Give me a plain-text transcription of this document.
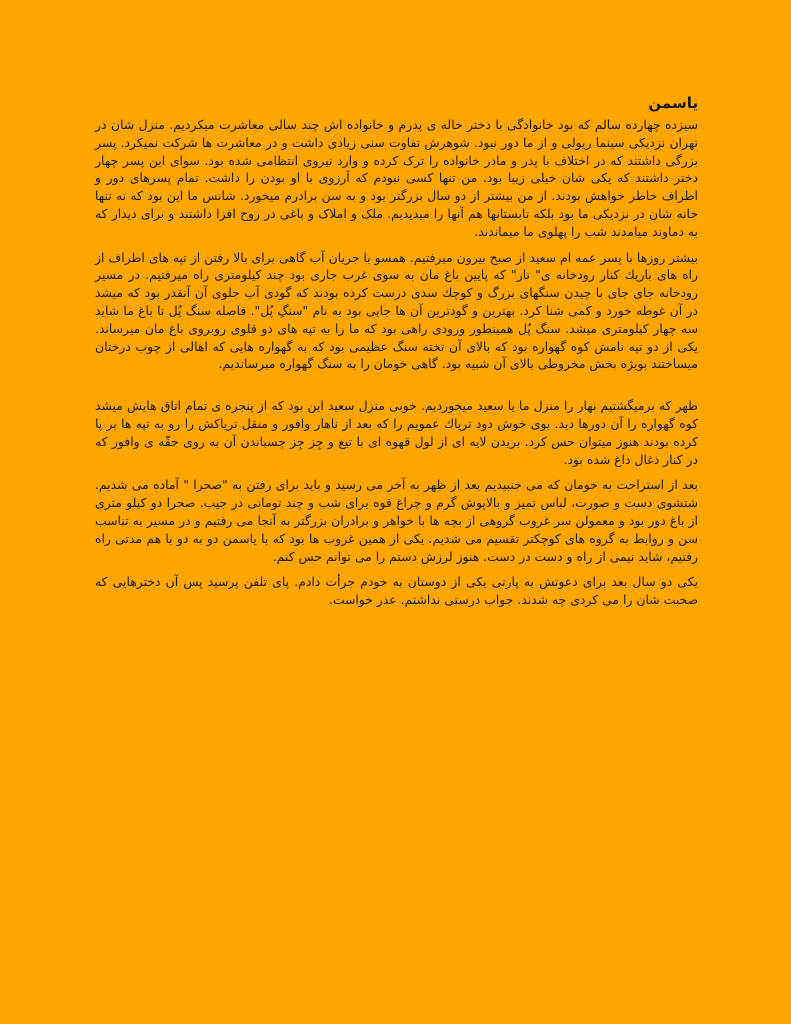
یاسمن

سیزده چهارده سالم که بود خانوادگی با دختر خاله ی پدرم و خانواده اش چند سالی معاشرت میکردیم. منزل شان در تهران نزدیکی سینما ریولی و از ما دور نبود. شوهرش تفاوت سنی زیادی داشت و در معاشرت ها شرکت نمیکرد. پسر بزرگی داشتند که در اختلاف با پدر و مادر خانواده را ترک کرده و وارد نیروی انتظامی شده بود. سوای این پسر چهار دختر داشتند که یکی شان خیلی زیبا بود. من تنها کسی نبودم که آرزوی با او بودن را داشت. تمام پسرهای دور و اطراف خاطر خواهش بودند. از من بیشتر از دو سال بزرگتر بود و به سن برادرم میخورد. شانس ما این بود که نه تنها خانه شان در نزدیکی ما بود بلکه تابستانها هم آنها را میدیدیم. ملک و املاک و باغی در روح افزا داشتند و برای دیدار که به دماوند میامدند شب را پهلوی ما میماندند.

بیشتر روزها با پسر عمه ام سعید از صبح بیرون میرفتیم. همسو با جریان آب گاهی برای بالا رفتن از تپه های اطراف از راه های باریك كنار رودخانه ی" تار" که پایین باغ مان به سوی غرب جاری بود چند کیلومتری راه میرفتیم. در مسیر رودخانه جای جای با چیدن سنگهای بزرگ و کوچك سدی درست کرده بودند که گودی آب جلوی آن آنقدر بود که میشد در آن غوطه خورد و کمی شنا کرد. بهترین و گودترین آن ها جایی بود به نام "سنگِ پُل". فاصله سنگ پُل تا باغ ما شاید سه چهار کیلومتری میشد. سنگ پُل همینطور ورودی راهی بود که ما را به تپه های دو قلوی روبروی باغ مان میرساند. یکی از دو تپه نامش کوه گهواره بود که بالای آن تخته سنگ عظیمی بود که به گهواره هایی که اهالی از چوب درختان میساختند بویژه بخش مخروطی بالای آن شبیه بود. گاهی خومان را به سنگ گهواره میرساندیم.

ظهر که برمیگشتیم نهار را منزل ما یا سعید میخوردیم. خوبی منزل سعید این بود که از پنجره ی تمام اتاق هایش میشد کوه گهواره را آن دورها دید. بوی خوش دود تریاك عمویم را که بعد از ناهار وافور و منقل تریاکش را رو به تپه ها بر پا کرده بودند هنوز میتوان حس کرد. بریدن لایه ای از لول قهوه ای با تیغ و جِز جِز چسباندن آن به روی حقّه ی وافور که در کنار ذغال داغ شده بود.

بعد از استراحت به خومان که می جنبیدیم بعد از ظهر به آخر می رسید و باید برای رفتن به "صحرا " آماده می شدیم. شتشوی دست و صورت، لباس تمیز و بالاپوش گرم و چراغ قوه برای شب و چند تومانی در جیب. صحرا دو کیلو متری از باغ دور بود و معمولن سر غروب گروهی از بچه ها با خواهر و برادران بزرگتر به آنجا می رفتیم و در مسیر به تناسب سن و روابط به گروه های کوچکتر تقسیم می شدیم. یکی از همین غروب ها بود که با یاسمن دو به دو با هم مدتی راه رفتیم، شاید نیمی از راه و دست در دست. هنوز لرزش دستم را می توانم حس کنم.

یکی دو سال بعد برای دعوتش به پارتی یکی از دوستان به خودم جرأت دادم. پای تلفن پرسید پس آن دخترهایی که صحبت شان را می کردی چه شدند. جواب درستی نداشتم. عذر خواست.
